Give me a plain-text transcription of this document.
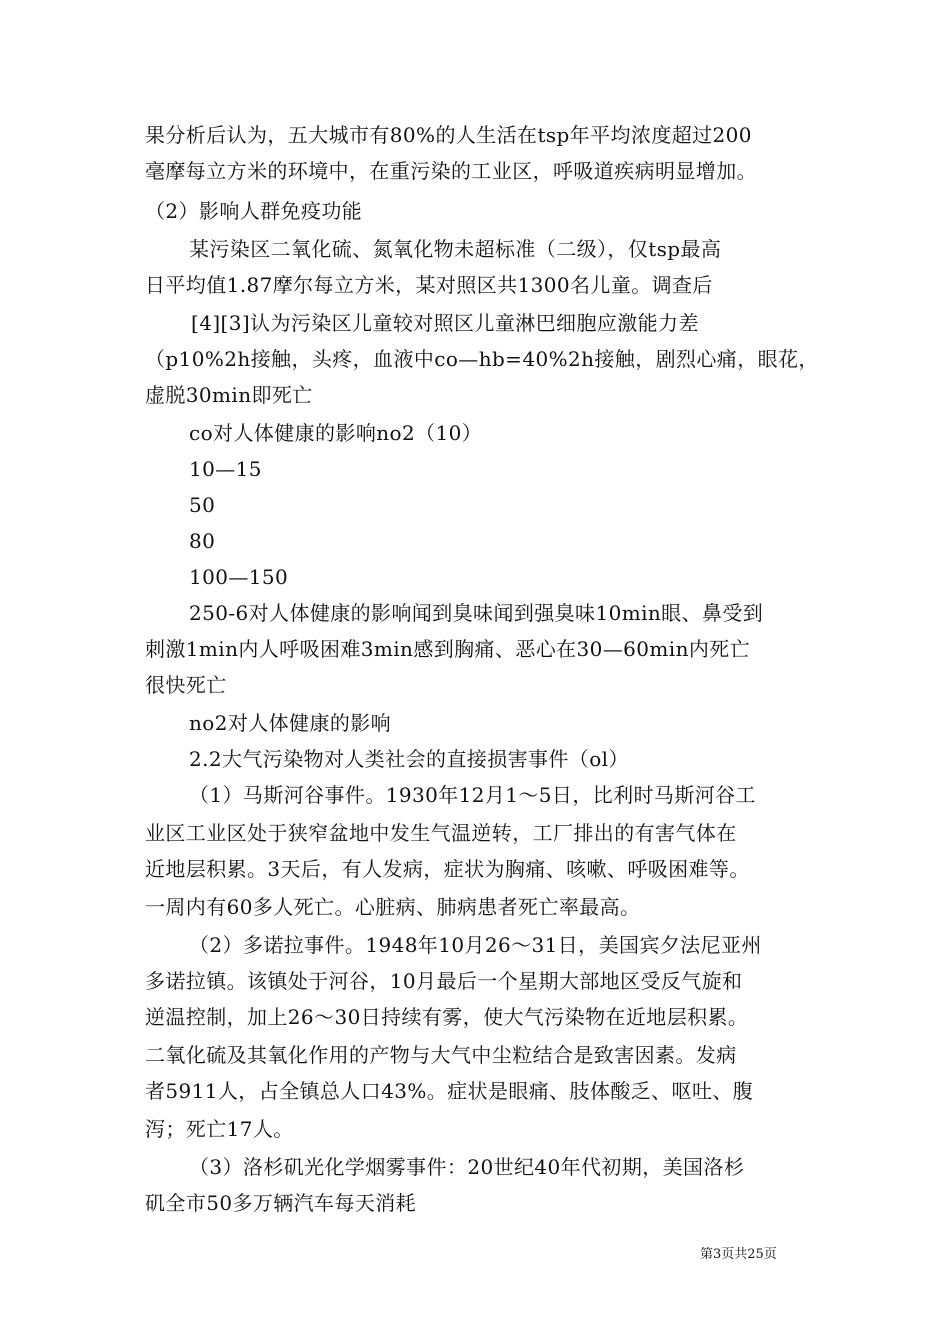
果分析后认为，五大城市有80%的人生活在tsp年平均浓度超过200
毫摩每立方米的环境中，在重污染的工业区，呼吸道疾病明显增加。
（2）影响人群免疫功能
某污染区二氧化硫、氮氧化物未超标准（二级），仅tsp最高
日平均值1.87摩尔每立方米，某对照区共1300名儿童。调查后
[4][3]认为污染区儿童较对照区儿童淋巴细胞应激能力差
（p10%2h接触，头疼，血液中co—hb=40%2h接触，剧烈心痛，眼花，
虚脱30min即死亡
co对人体健康的影响no2（10）
10—15
50
80
100—150
250-6对人体健康的影响闻到臭味闻到强臭味10min眼、鼻受到
刺激1min内人呼吸困难3min感到胸痛、恶心在30—60min内死亡
很快死亡
no2对人体健康的影响
2.2大气污染物对人类社会的直接损害事件（ol）
（1）马斯河谷事件。1930年12月1～5日，比利时马斯河谷工
业区工业区处于狭窄盆地中发生气温逆转，工厂排出的有害气体在
近地层积累。3天后，有人发病，症状为胸痛、咳嗽、呼吸困难等。
一周内有60多人死亡。心脏病、肺病患者死亡率最高。
（2）多诺拉事件。1948年10月26～31日，美国宾夕法尼亚州
多诺拉镇。该镇处于河谷，10月最后一个星期大部地区受反气旋和
逆温控制，加上26～30日持续有雾，使大气污染物在近地层积累。
二氧化硫及其氧化作用的产物与大气中尘粒结合是致害因素。发病
者5911人，占全镇总人口43%。症状是眼痛、肢体酸乏、呕吐、腹
泻；死亡17人。
（3）洛杉矶光化学烟雾事件：20世纪40年代初期，美国洛杉
矶全市50多万辆汽车每天消耗
第3页共25页
